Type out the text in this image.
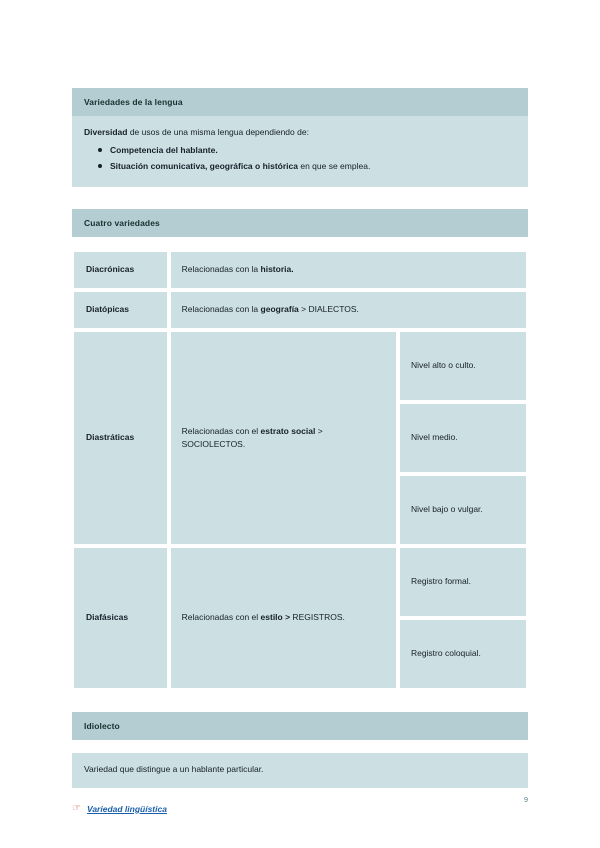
Variedades de la lengua

Diversidad de usos de una misma lengua dependiendo de:

Competencia del hablante.
Situación comunicativa, geográfica o histórica en que se emplea.
Cuatro variedades
Diacrónicas	Relacionadas con la historia.	
Diatópicas	Relacionadas con la geografía > DIALECTOS.	
Diastráticas	Relacionadas con el estrato social > SOCIOLECTOS.	Nivel alto o culto.
		Nivel medio.
		Nivel bajo o vulgar.
Diafásicas	Relacionadas con el estilo > REGISTROS.	Registro formal.
		Registro coloquial.
Idiolecto
Variedad que distingue a un hablante particular.
☞ Variedad lingüística
9
